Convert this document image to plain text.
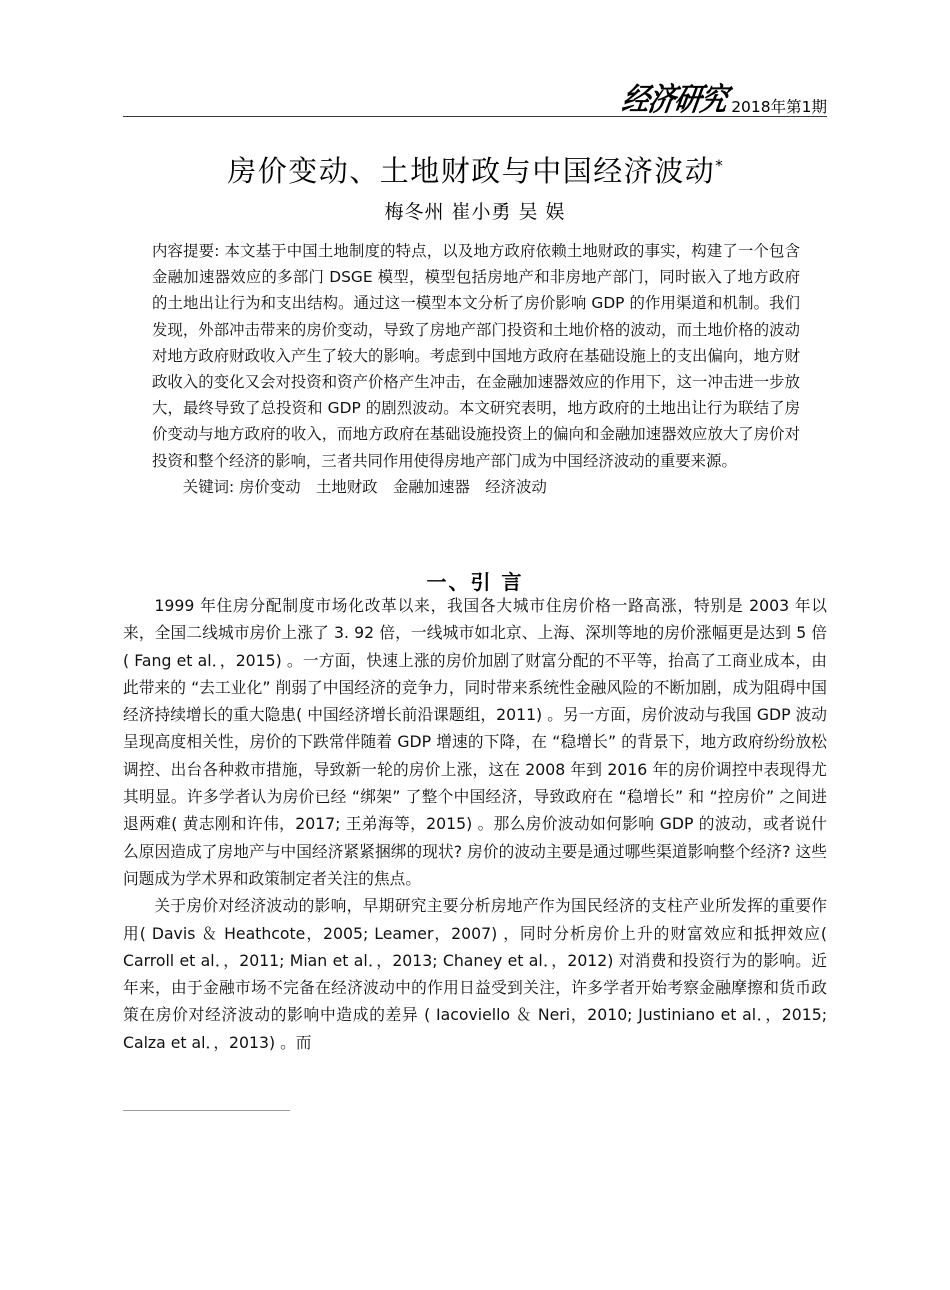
经济研究 2018年第1期
房价变动、土地财政与中国经济波动*
梅冬州 崔小勇 吴 娱

内容提要: 本文基于中国土地制度的特点，以及地方政府依赖土地财政的事实，构建了一个包含金融加速器效应的多部门 DSGE 模型，模型包括房地产和非房地产部门，同时嵌入了地方政府的土地出让行为和支出结构。通过这一模型本文分析了房价影响 GDP 的作用渠道和机制。我们发现，外部冲击带来的房价变动，导致了房地产部门投资和土地价格的波动，而土地价格的波动对地方政府财政收入产生了较大的影响。考虑到中国地方政府在基础设施上的支出偏向，地方财政收入的变化又会对投资和资产价格产生冲击，在金融加速器效应的作用下，这一冲击进一步放大，最终导致了总投资和 GDP 的剧烈波动。本文研究表明，地方政府的土地出让行为联结了房价变动与地方政府的收入，而地方政府在基础设施投资上的偏向和金融加速器效应放大了房价对投资和整个经济的影响，三者共同作用使得房地产部门成为中国经济波动的重要来源。

关键词: 房价变动　土地财政　金融加速器　经济波动

一、引 言

1999 年住房分配制度市场化改革以来，我国各大城市住房价格一路高涨，特别是 2003 年以来，全国二线城市房价上涨了 3. 92 倍，一线城市如北京、上海、深圳等地的房价涨幅更是达到 5 倍 ( Fang et al．，2015) 。一方面，快速上涨的房价加剧了财富分配的不平等，抬高了工商业成本，由此带来的 “去工业化” 削弱了中国经济的竞争力，同时带来系统性金融风险的不断加剧，成为阻碍中国经济持续增长的重大隐患( 中国经济增长前沿课题组，2011) 。另一方面，房价波动与我国 GDP 波动呈现高度相关性，房价的下跌常伴随着 GDP 增速的下降，在 “稳增长” 的背景下，地方政府纷纷放松调控、出台各种救市措施，导致新一轮的房价上涨，这在 2008 年到 2016 年的房价调控中表现得尤其明显。许多学者认为房价已经 “绑架” 了整个中国经济，导致政府在 “稳增长” 和 “控房价” 之间进退两难( 黄志刚和许伟，2017; 王弟海等，2015) 。那么房价波动如何影响 GDP 的波动，或者说什么原因造成了房地产与中国经济紧紧捆绑的现状? 房价的波动主要是通过哪些渠道影响整个经济? 这些问题成为学术界和政策制定者关注的焦点。

关于房价对经济波动的影响，早期研究主要分析房地产作为国民经济的支柱产业所发挥的重要作用( Davis ＆ Heathcote，2005; Leamer，2007) ，同时分析房价上升的财富效应和抵押效应( Carroll et al．，2011; Mian et al．，2013; Chaney et al．，2012) 对消费和投资行为的影响。近年来，由于金融市场不完备在经济波动中的作用日益受到关注，许多学者开始考察金融摩擦和货币政策在房价对经济波动的影响中造成的差异 ( Iacoviello ＆ Neri，2010; Justiniano et al．，2015; Calza et al．，2013) 。而
